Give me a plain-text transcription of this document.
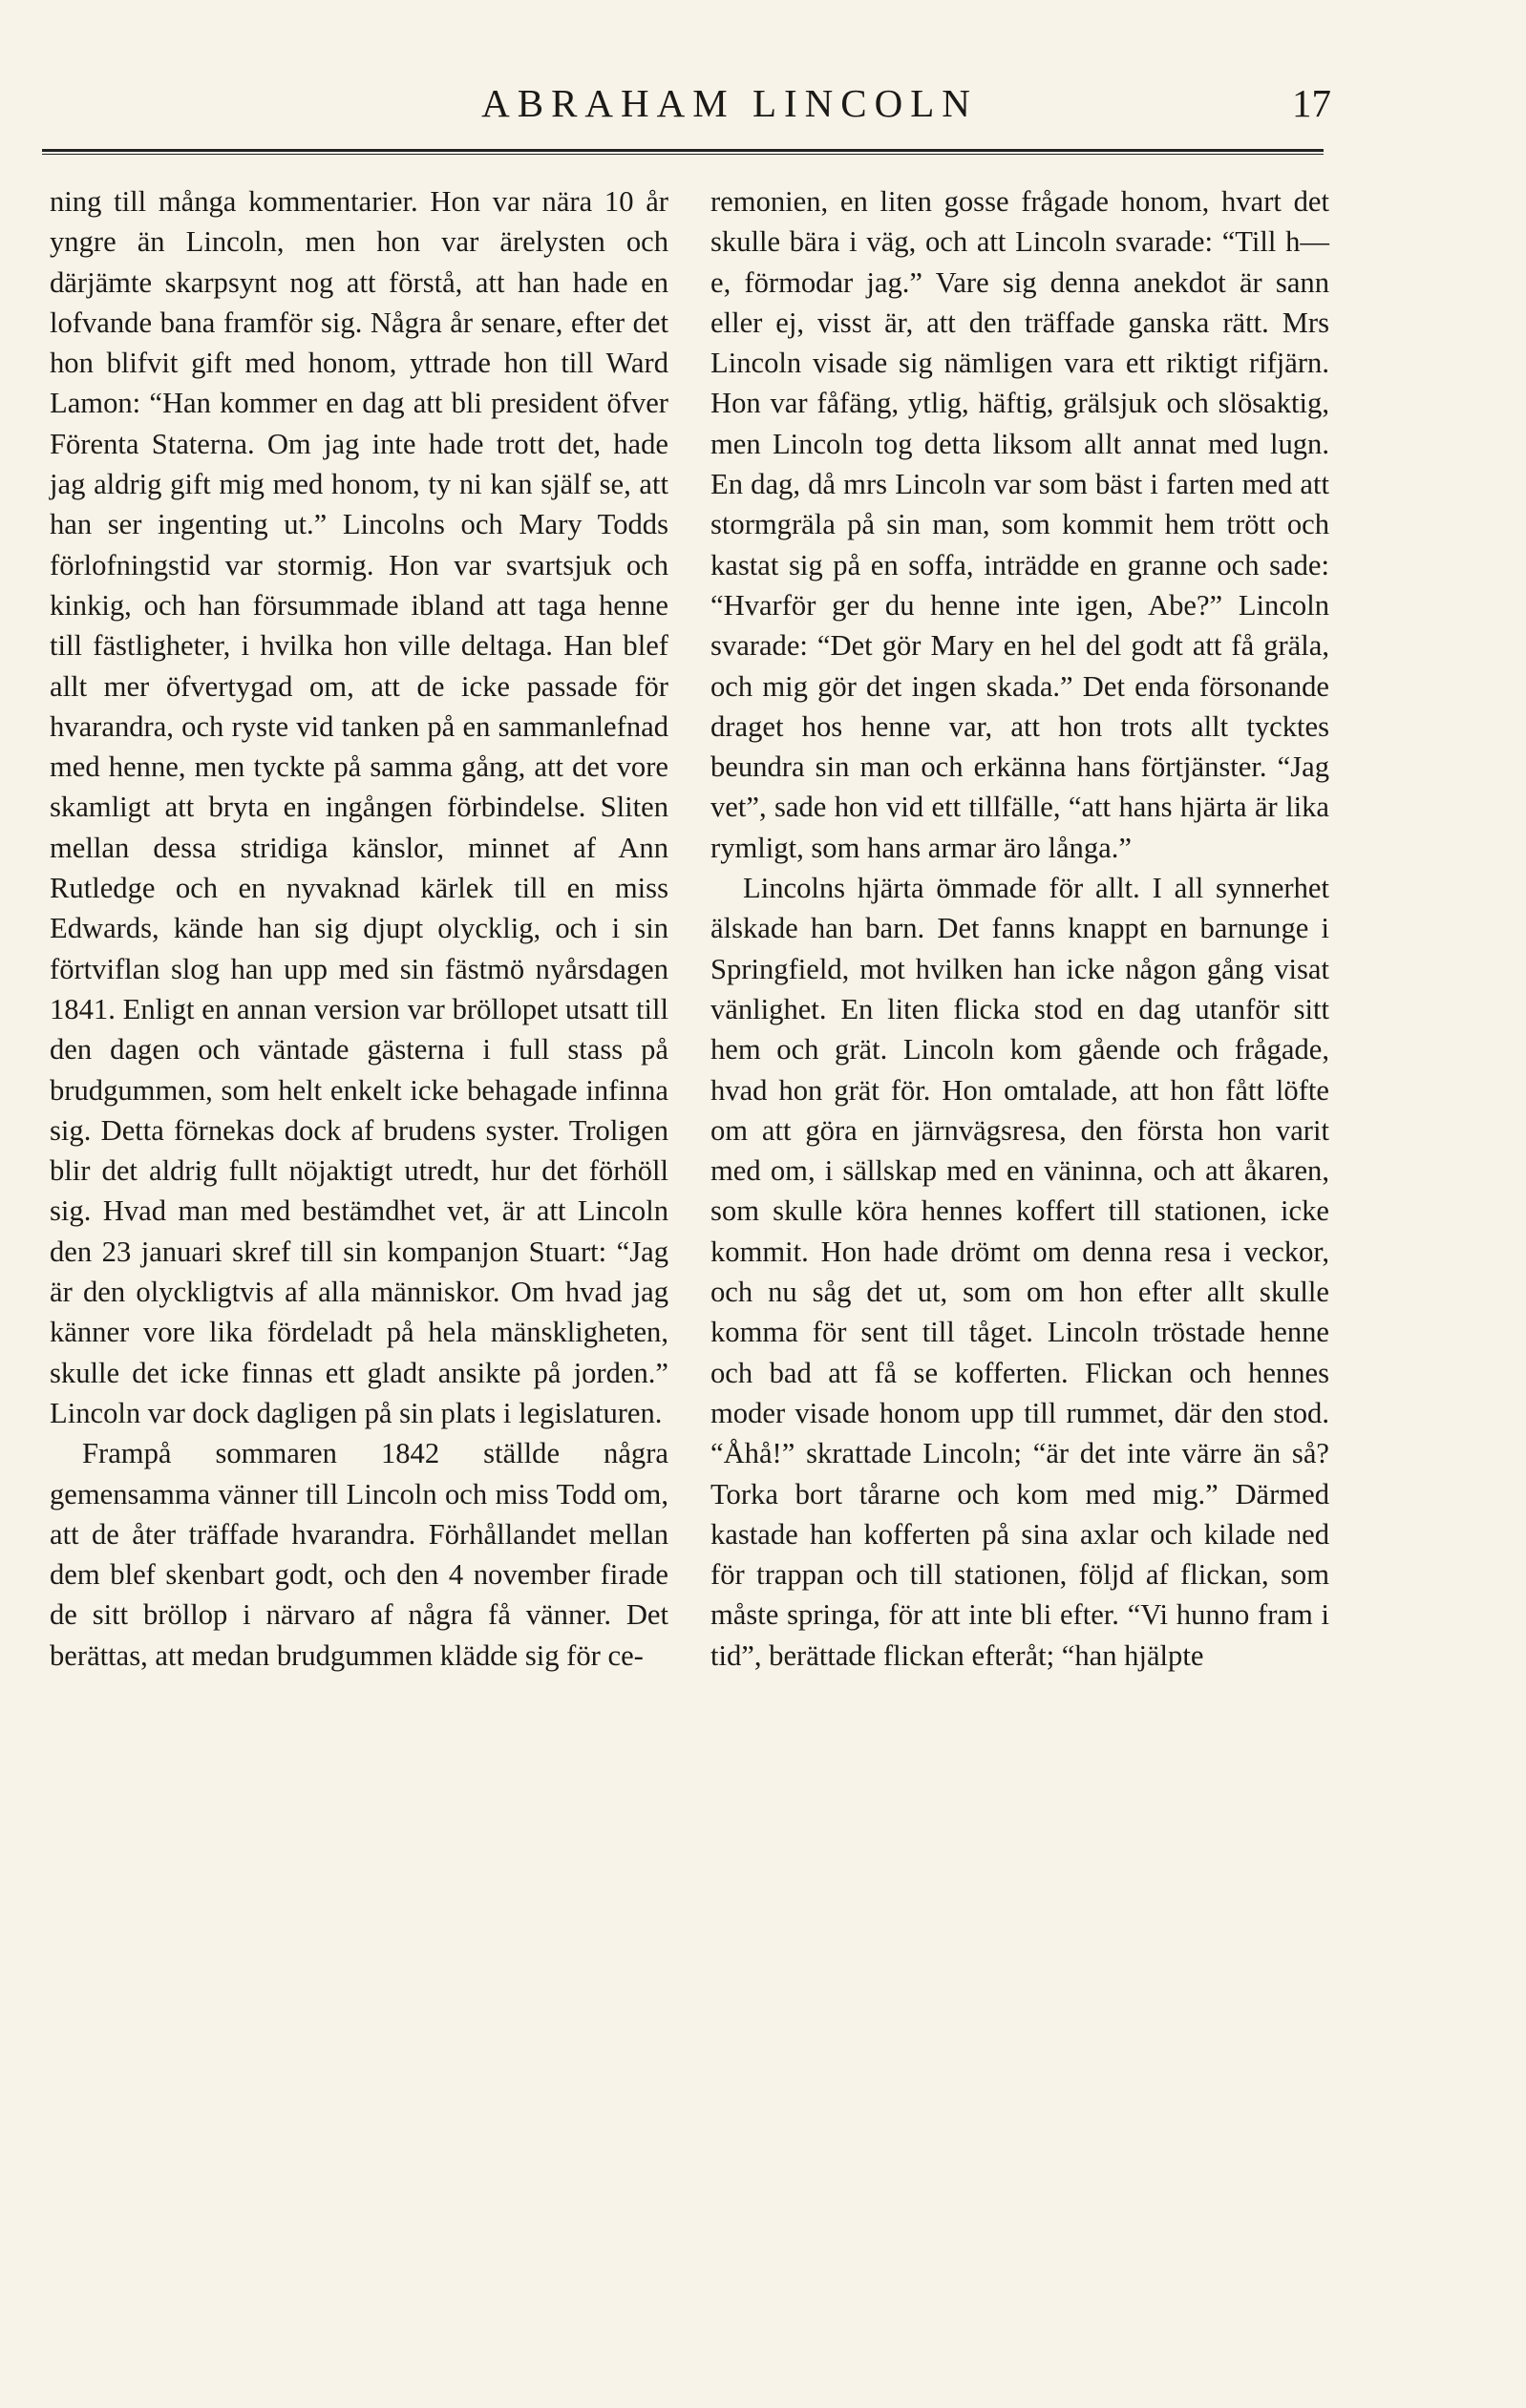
ABRAHAM LINCOLN	17

ning till många kommentarier. Hon var nära 10 år yngre än Lincoln, men hon var ärelysten och därjämte skarpsynt nog att förstå, att han hade en lofvande bana framför sig. Några år senare, efter det hon blifvit gift med honom, yttrade hon till Ward Lamon: “Han kommer en dag att bli president öfver Förenta Staterna. Om jag inte hade trott det, hade jag aldrig gift mig med honom, ty ni kan själf se, att han ser ingenting ut.” Lincolns och Mary Todds förlofningstid var stormig. Hon var svartsjuk och kinkig, och han försummade ibland att taga henne till fästligheter, i hvilka hon ville deltaga. Han blef allt mer öfvertygad om, att de icke passade för hvarandra, och ryste vid tanken på en sammanlefnad med henne, men tyckte på samma gång, att det vore skamligt att bryta en ingången förbindelse. Sliten mellan dessa stridiga känslor, minnet af Ann Rutledge och en nyvaknad kärlek till en miss Edwards, kände han sig djupt olycklig, och i sin förtviflan slog han upp med sin fästmö nyårsdagen 1841. Enligt en annan version var bröllopet utsatt till den dagen och väntade gästerna i full stass på brudgummen, som helt enkelt icke behagade infinna sig. Detta förnekas dock af brudens syster. Troligen blir det aldrig fullt nöjaktigt utredt, hur det förhöll sig. Hvad man med bestämdhet vet, är att Lincoln den 23 januari skref till sin kompanjon Stuart: “Jag är den olyckligtvis af alla människor. Om hvad jag känner vore lika fördeladt på hela mänskligheten, skulle det icke finnas ett gladt ansikte på jorden.” Lincoln var dock dagligen på sin plats i legislaturen.

Frampå sommaren 1842 ställde några gemensamma vänner till Lincoln och miss Todd om, att de åter träffade hvarandra. Förhållandet mellan dem blef skenbart godt, och den 4 november firade de sitt bröllop i närvaro af några få vänner. Det berättas, att medan brudgummen klädde sig för ce-

remonien, en liten gosse frågade honom, hvart det skulle bära i väg, och att Lincoln svarade: “Till h—e, förmodar jag.” Vare sig denna anekdot är sann eller ej, visst är, att den träffade ganska rätt. Mrs Lincoln visade sig nämligen vara ett riktigt rifjärn. Hon var fåfäng, ytlig, häftig, grälsjuk och slösaktig, men Lincoln tog detta liksom allt annat med lugn. En dag, då mrs Lincoln var som bäst i farten med att stormgräla på sin man, som kommit hem trött och kastat sig på en soffa, inträdde en granne och sade: “Hvarför ger du henne inte igen, Abe?” Lincoln svarade: “Det gör Mary en hel del godt att få gräla, och mig gör det ingen skada.” Det enda försonande draget hos henne var, att hon trots allt tycktes beundra sin man och erkänna hans förtjänster. “Jag vet”, sade hon vid ett tillfälle, “att hans hjärta är lika rymligt, som hans armar äro långa.”

Lincolns hjärta ömmade för allt. I all synnerhet älskade han barn. Det fanns knappt en barnunge i Springfield, mot hvilken han icke någon gång visat vänlighet. En liten flicka stod en dag utanför sitt hem och grät. Lincoln kom gående och frågade, hvad hon grät för. Hon omtalade, att hon fått löfte om att göra en järnvägsresa, den första hon varit med om, i sällskap med en väninna, och att åkaren, som skulle köra hennes koffert till stationen, icke kommit. Hon hade drömt om denna resa i veckor, och nu såg det ut, som om hon efter allt skulle komma för sent till tåget. Lincoln tröstade henne och bad att få se kofferten. Flickan och hennes moder visade honom upp till rummet, där den stod. “Åhå!” skrattade Lincoln; “är det inte värre än så? Torka bort tårarne och kom med mig.” Därmed kastade han kofferten på sina axlar och kilade ned för trappan och till stationen, följd af flickan, som måste springa, för att inte bli efter. “Vi hunno fram i tid”, berättade flickan efteråt; “han hjälpte
